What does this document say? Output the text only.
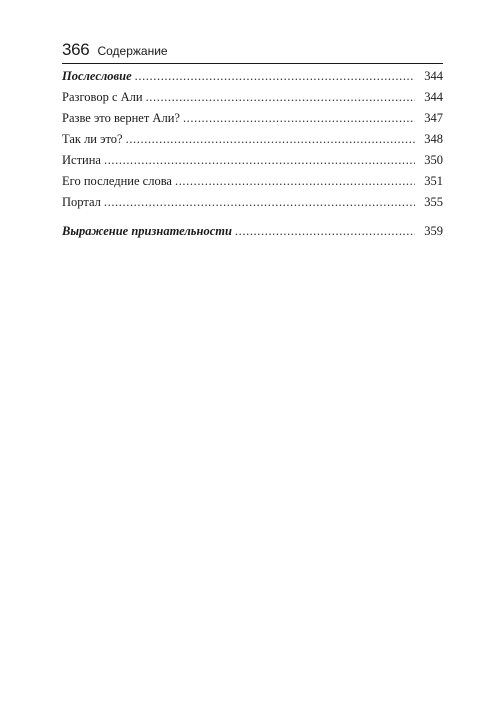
366 Содержание
Послесловие .....	344
Разговор с Али .....	344
Разве это вернет Али? .....	347
Так ли это? .....	348
Истина .....	350
Его последние слова .....	351
Портал .....	355
Выражение признательности .....	359
